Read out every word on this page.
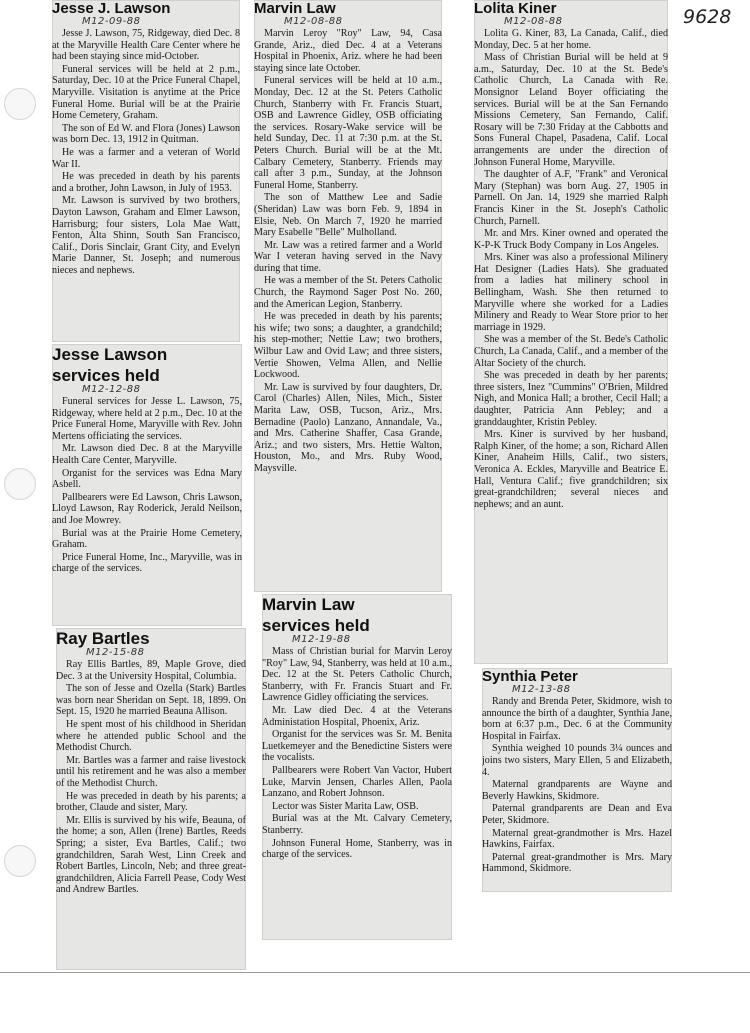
9628
Jesse J. Lawson
M12-09-88

Jesse J. Lawson, 75, Ridgeway, died Dec. 8 at the Maryville Health Care Center where he had been staying since mid-October.

Funeral services will be held at 2 p.m., Saturday, Dec. 10 at the Price Funeral Chapel, Maryville. Visitation is anytime at the Price Funeral Home. Burial will be at the Prairie Home Cemetery, Graham.

The son of Ed W. and Flora (Jones) Lawson was born Dec. 13, 1912 in Quitman.

He was a farmer and a veteran of World War II.

He was preceded in death by his parents and a brother, John Lawson, in July of 1953.

Mr. Lawson is survived by two brothers, Dayton Lawson, Graham and Elmer Lawson, Harrisburg; four sisters, Lola Mae Watt, Fenton, Alta Shinn, South San Francisco, Calif., Doris Sinclair, Grant City, and Evelyn Marie Danner, St. Joseph; and numerous nieces and nephews.

Jesse Lawson
services held
M12-12-88

Funeral services for Jesse L. Lawson, 75, Ridgeway, where held at 2 p.m., Dec. 10 at the Price Funeral Home, Maryville with Rev. John Mertens officiating the services.

Mr. Lawson died Dec. 8 at the Maryville Health Care Center, Maryville.

Organist for the services was Edna Mary Asbell.

Pallbearers were Ed Lawson, Chris Lawson, Lloyd Lawson, Ray Roderick, Jerald Neilson, and Joe Mowrey.

Burial was at the Prairie Home Cemetery, Graham.

Price Funeral Home, Inc., Maryville, was in charge of the services.

Ray Bartles
M12-15-88

Ray Ellis Bartles, 89, Maple Grove, died Dec. 3 at the University Hospital, Columbia.

The son of Jesse and Ozella (Stark) Bartles was born near Sheridan on Sept. 18, 1899. On Sept. 15, 1920 he married Beauna Allison.

He spent most of his childhood in Sheridan where he attended public School and the Methodist Church.

Mr. Bartles was a farmer and raise livestock until his retirement and he was also a member of the Methodist Church.

He was preceded in death by his parents; a brother, Claude and sister, Mary.

Mr. Ellis is survived by his wife, Beauna, of the home; a son, Allen (Irene) Bartles, Reeds Spring; a sister, Eva Bartles, Calif.; two grandchildren, Sarah West, Linn Creek and Robert Bartles, Lincoln, Neb; and three great-grandchildren, Alicia Farrell Pease, Cody West and Andrew Bartles.

Marvin Law
M12-08-88

Marvin Leroy "Roy" Law, 94, Casa Grande, Ariz., died Dec. 4 at a Veterans Hospital in Phoenix, Ariz. where he had been staying since late October.

Funeral services will be held at 10 a.m., Monday, Dec. 12 at the St. Peters Catholic Church, Stanberry with Fr. Francis Stuart, OSB and Lawrence Gidley, OSB officiating the services. Rosary-Wake service will be held Sunday, Dec. 11 at 7:30 p.m. at the St. Peters Church. Burial will be at the Mt. Calbary Cemetery, Stanberry. Friends may call after 3 p.m., Sunday, at the Johnson Funeral Home, Stanberry.

The son of Matthew Lee and Sadie (Sheridan) Law was born Feb. 9, 1894 in Elsie, Neb. On March 7, 1920 he married Mary Esabelle "Belle" Mulholland.

Mr. Law was a retired farmer and a World War I veteran having served in the Navy during that time.

He was a member of the St. Peters Catholic Church, the Raymond Sager Post No. 260, and the American Legion, Stanberry.

He was preceded in death by his parents; his wife; two sons; a daughter, a grandchild; his step-mother; Nettie Law; two brothers, Wilbur Law and Ovid Law; and three sisters, Vertie Showen, Velma Allen, and Nellie Lockwood.

Mr. Law is survived by four daughters, Dr. Carol (Charles) Allen, Niles, Mich., Sister Marita Law, OSB, Tucson, Ariz., Mrs. Bernadine (Paolo) Lanzano, Annandale, Va., and Mrs. Catherine Shaffer, Casa Grande, Ariz.; and two sisters, Mrs. Hettie Walton, Houston, Mo., and Mrs. Ruby Wood, Maysville.

Marvin Law
services held
M12-19-88

Mass of Christian burial for Marvin Leroy "Roy" Law, 94, Stanberry, was held at 10 a.m., Dec. 12 at the St. Peters Catholic Church, Stanberry, with Fr. Francis Stuart and Fr. Lawrence Gidley officiating the services.

Mr. Law died Dec. 4 at the Veterans Administation Hospital, Phoenix, Ariz.

Organist for the services was Sr. M. Benita Luetkemeyer and the Benedictine Sisters were the vocalists.

Pallbearers were Robert Van Vactor, Hubert Luke, Marvin Jensen, Charles Allen, Paola Lanzano, and Robert Johnson.

Lector was Sister Marita Law, OSB.

Burial was at the Mt. Calvary Cemetery, Stanberry.

Johnson Funeral Home, Stanberry, was in charge of the services.

Lolita Kiner
M12-08-88

Lolita G. Kiner, 83, La Canada, Calif., died Monday, Dec. 5 at her home.

Mass of Christian Burial will be held at 9 a.m., Saturday, Dec. 10 at the St. Bede's Catholic Church, La Canada with Re. Monsignor Leland Boyer officiating the services. Burial will be at the San Fernando Missions Cemetery, San Fernando, Calif. Rosary will be 7:30 Friday at the Cabbotts and Sons Funeral Chapel, Pasadena, Calif. Local arrangements are under the direction of Johnson Funeral Home, Maryville.

The daughter of A.F, "Frank" and Veronical Mary (Stephan) was born Aug. 27, 1905 in Parnell. On Jan. 14, 1929 she married Ralph Francis Kiner in the St. Joseph's Catholic Church, Parnell.

Mr. and Mrs. Kiner owned and operated the K-P-K Truck Body Company in Los Angeles.

Mrs. Kiner was also a professional Milinery Hat Designer (Ladies Hats). She graduated from a ladies hat milinery school in Bellingham, Wash. She then returned to Maryville where she worked for a Ladies Milinery and Ready to Wear Store prior to her marriage in 1929.

She was a member of the St. Bede's Catholic Church, La Canada, Calif., and a member of the Altar Society of the church.

She was preceded in death by her parents; three sisters, Inez "Cummins" O'Brien, Mildred Nigh, and Monica Hall; a brother, Cecil Hall; a daughter, Patricia Ann Pebley; and a granddaughter, Kristin Pebley.

Mrs. Kiner is survived by her husband, Ralph Kiner, of the home; a son, Richard Allen Kiner, Anaheim Hills, Calif., two sisters, Veronica A. Eckles, Maryville and Beatrice E. Hall, Ventura Calif.; five grandchildren; six great-grandchildren; several nieces and nephews; and an aunt.

Synthia Peter
M12-13-88

Randy and Brenda Peter, Skidmore, wish to announce the birth of a daughter, Synthia Jane, born at 6:37 p.m., Dec. 6 at the Community Hospital in Fairfax.

Synthia weighed 10 pounds 3¼ ounces and joins two sisters, Mary Ellen, 5 and Elizabeth, 4.

Maternal grandparents are Wayne and Beverly Hawkins, Skidmore.

Paternal grandparents are Dean and Eva Peter, Skidmore.

Maternal great-grandmother is Mrs. Hazel Hawkins, Fairfax.

Paternal great-grandmother is Mrs. Mary Hammond, Skidmore.
